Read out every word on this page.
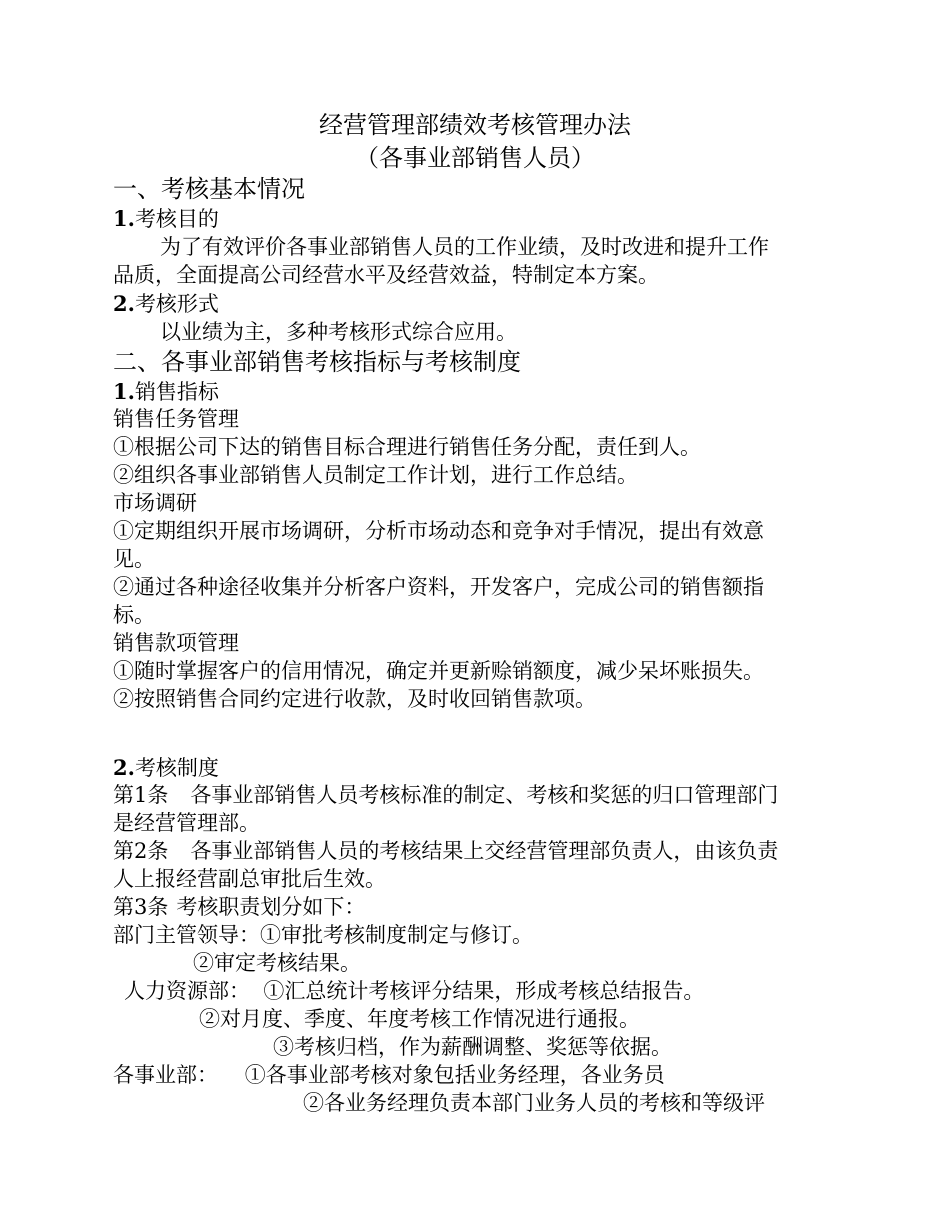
经营管理部绩效考核管理办法
（各事业部销售人员）
一、考核基本情况
1.考核目的
为了有效评价各事业部销售人员的工作业绩，及时改进和提升工作
品质，全面提高公司经营水平及经营效益，特制定本方案。
2.考核形式
以业绩为主，多种考核形式综合应用。
二、各事业部销售考核指标与考核制度
1.销售指标
销售任务管理
①根据公司下达的销售目标合理进行销售任务分配，责任到人。
②组织各事业部销售人员制定工作计划，进行工作总结。
市场调研
①定期组织开展市场调研，分析市场动态和竞争对手情况，提出有效意
见。
②通过各种途径收集并分析客户资料，开发客户，完成公司的销售额指
标。
销售款项管理
①随时掌握客户的信用情况，确定并更新赊销额度，减少呆坏账损失。
②按照销售合同约定进行收款，及时收回销售款项。
2.考核制度
第1条 各事业部销售人员考核标准的制定、考核和奖惩的归口管理部门
是经营管理部。
第2条 各事业部销售人员的考核结果上交经营管理部负责人，由该负责
人上报经营副总审批后生效。
第3条 考核职责划分如下：
部门主管领导：①审批考核制度制定与修订。
②审定考核结果。
人力资源部：  ①汇总统计考核评分结果，形成考核总结报告。
②对月度、季度、年度考核工作情况进行通报。
③考核归档，作为薪酬调整、奖惩等依据。
各事业部：    ①各事业部考核对象包括业务经理，各业务员
②各业务经理负责本部门业务人员的考核和等级评
